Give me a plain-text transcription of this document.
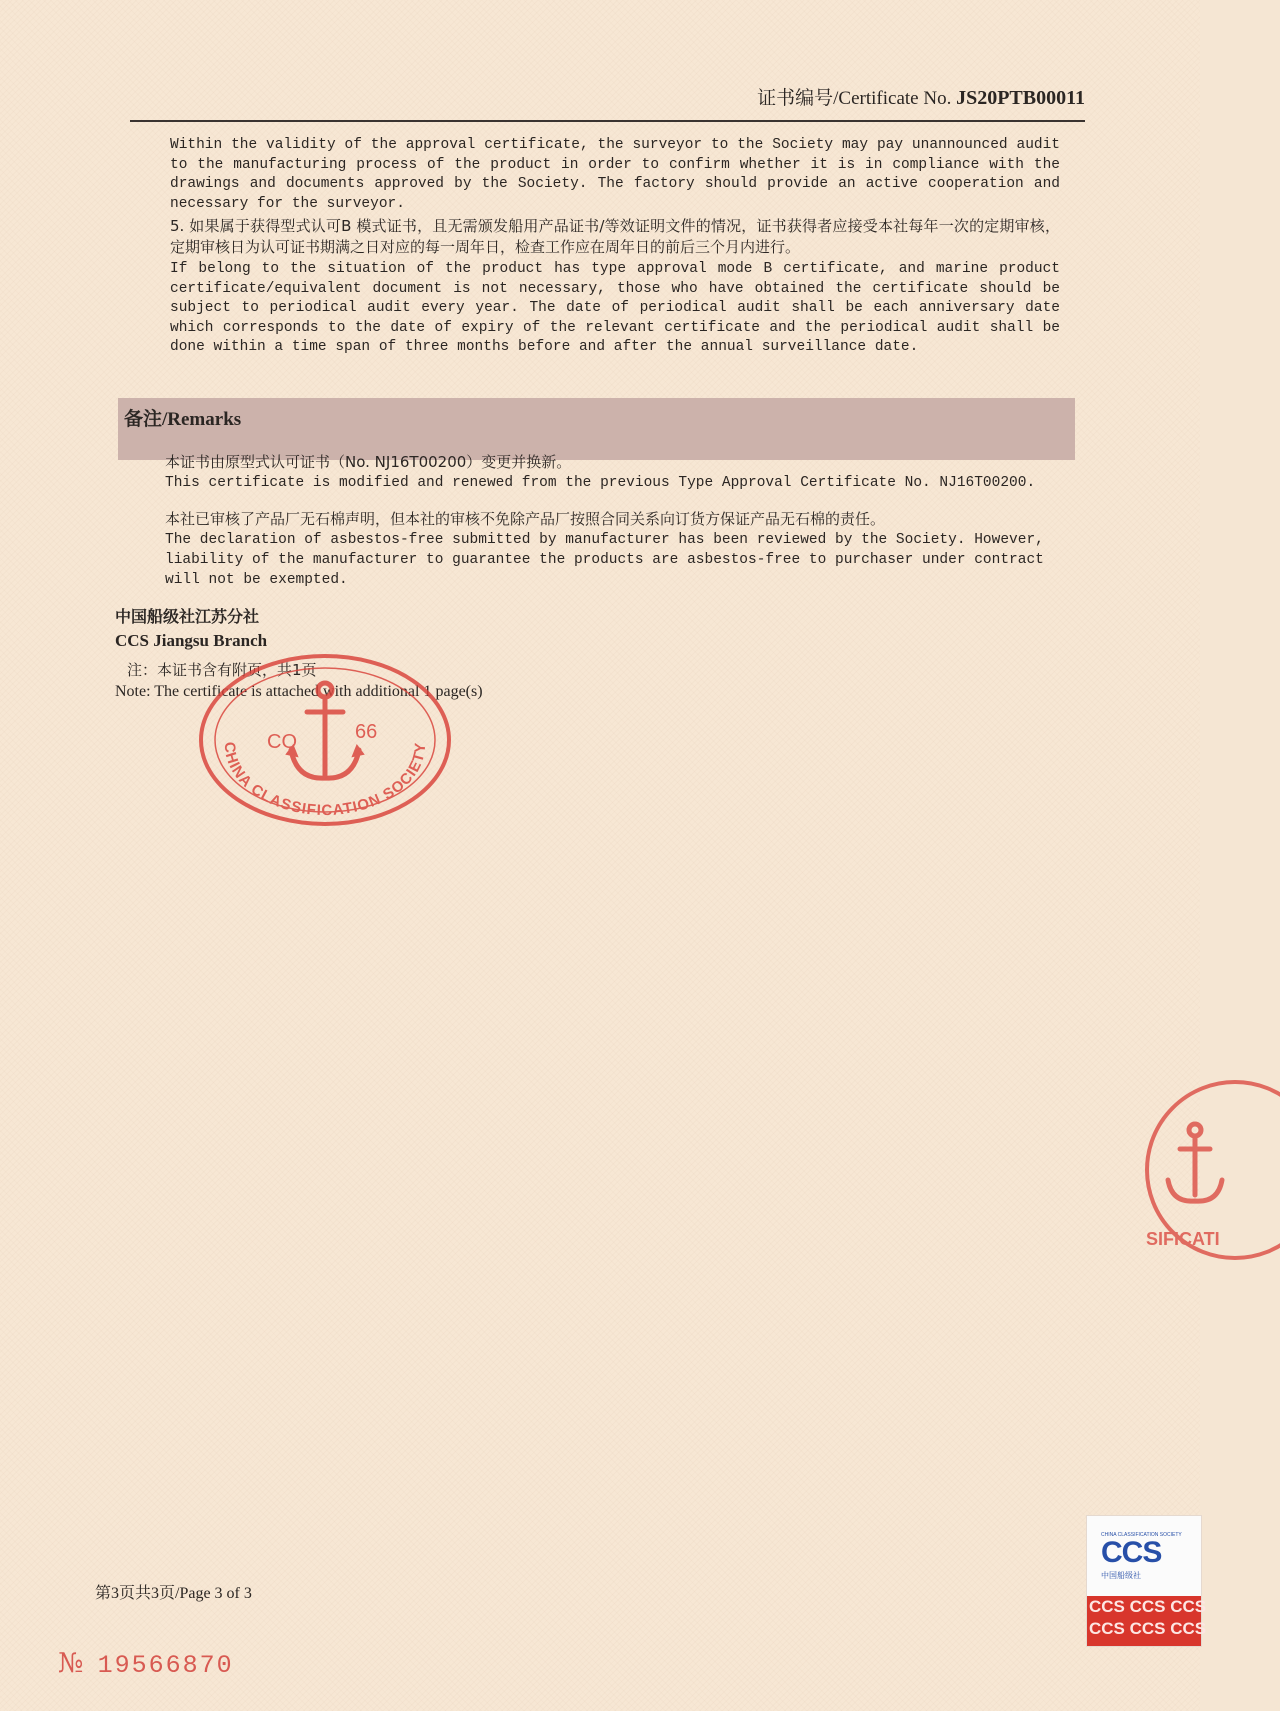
证书编号/Certificate No. JS20PTB00011

Within the validity of the approval certificate, the surveyor to the Society may pay unannounced audit to the manufacturing process of the product in order to confirm whether it is in compliance with the drawings and documents approved by the Society. The factory should provide an active cooperation and necessary for the surveyor.

5. 如果属于获得型式认可B 模式证书，且无需颁发船用产品证书/等效证明文件的情况，证书获得者应接受本社每年一次的定期审核，定期审核日为认可证书期满之日对应的每一周年日，检查工作应在周年日的前后三个月内进行。

If belong to the situation of the product has type approval mode B certificate, and marine product certificate/equivalent document is not necessary, those who have obtained the certificate should be subject to periodical audit every year. The date of periodical audit shall be each anniversary date which corresponds to the date of expiry of the relevant certificate and the periodical audit shall be done within a time span of three months before and after the annual surveillance date.

备注/Remarks

本证书由原型式认可证书（No. NJ16T00200）变更并换新。

This certificate is modified and renewed from the previous Type Approval Certificate No. NJ16T00200.

本社已审核了产品厂无石棉声明，但本社的审核不免除产品厂按照合同关系向订货方保证产品无石棉的责任。

The declaration of asbestos-free submitted by manufacturer has been reviewed by the Society. However, liability of the manufacturer to guarantee the products are asbestos-free to purchaser under contract will not be exempted.

中国船级社江苏分社
CCS Jiangsu Branch
注：本证书含有附页，共1页
Note: The certificate is attached with additional 1 page(s)
CO	66
CHINA CLASSIFICATION SOCIETY
SIFICATI
CHINA CLASSIFICATION SOCIETY
CCS
中国船级社
CCS CCS CCS
CCS CCS CCS
第3页共3页/Page 3 of 3
№ 19566870
